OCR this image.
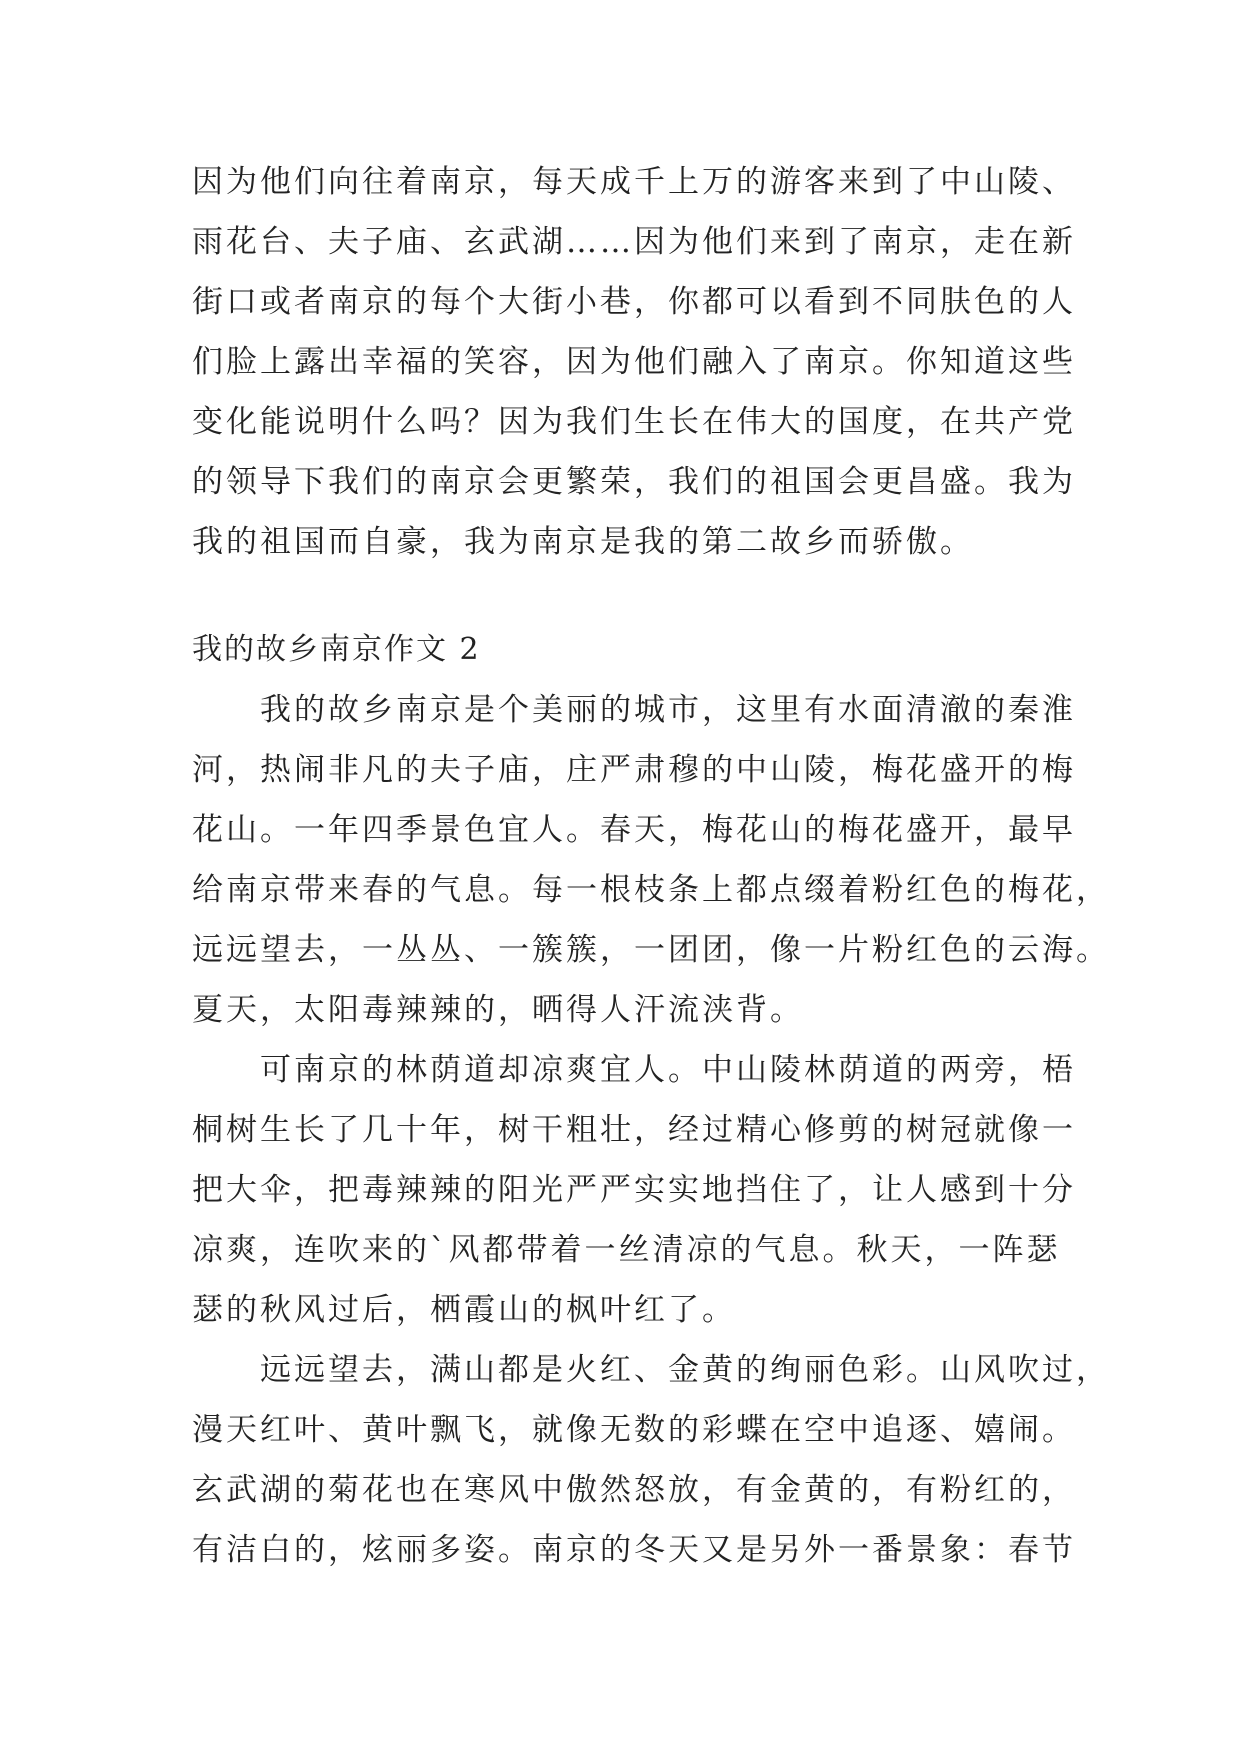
因为他们向往着南京，每天成千上万的游客来到了中山陵、
雨花台、夫子庙、玄武湖……因为他们来到了南京，走在新
街口或者南京的每个大街小巷，你都可以看到不同肤色的人
们脸上露出幸福的笑容，因为他们融入了南京。你知道这些
变化能说明什么吗？因为我们生长在伟大的国度，在共产党
的领导下我们的南京会更繁荣，我们的祖国会更昌盛。我为
我的祖国而自豪，我为南京是我的第二故乡而骄傲。
我的故乡南京作文 2
　　我的故乡南京是个美丽的城市，这里有水面清澈的秦淮
河，热闹非凡的夫子庙，庄严肃穆的中山陵，梅花盛开的梅
花山。一年四季景色宜人。春天，梅花山的梅花盛开，最早
给南京带来春的气息。每一根枝条上都点缀着粉红色的梅花，
远远望去，一丛丛、一簇簇，一团团，像一片粉红色的云海。
夏天，太阳毒辣辣的，晒得人汗流浃背。
　　可南京的林荫道却凉爽宜人。中山陵林荫道的两旁，梧
桐树生长了几十年，树干粗壮，经过精心修剪的树冠就像一
把大伞，把毒辣辣的阳光严严实实地挡住了，让人感到十分
凉爽，连吹来的`风都带着一丝清凉的气息。秋天，一阵瑟
瑟的秋风过后，栖霞山的枫叶红了。
　　远远望去，满山都是火红、金黄的绚丽色彩。山风吹过，
漫天红叶、黄叶飘飞，就像无数的彩蝶在空中追逐、嬉闹。
玄武湖的菊花也在寒风中傲然怒放，有金黄的，有粉红的，
有洁白的，炫丽多姿。南京的冬天又是另外一番景象：春节
